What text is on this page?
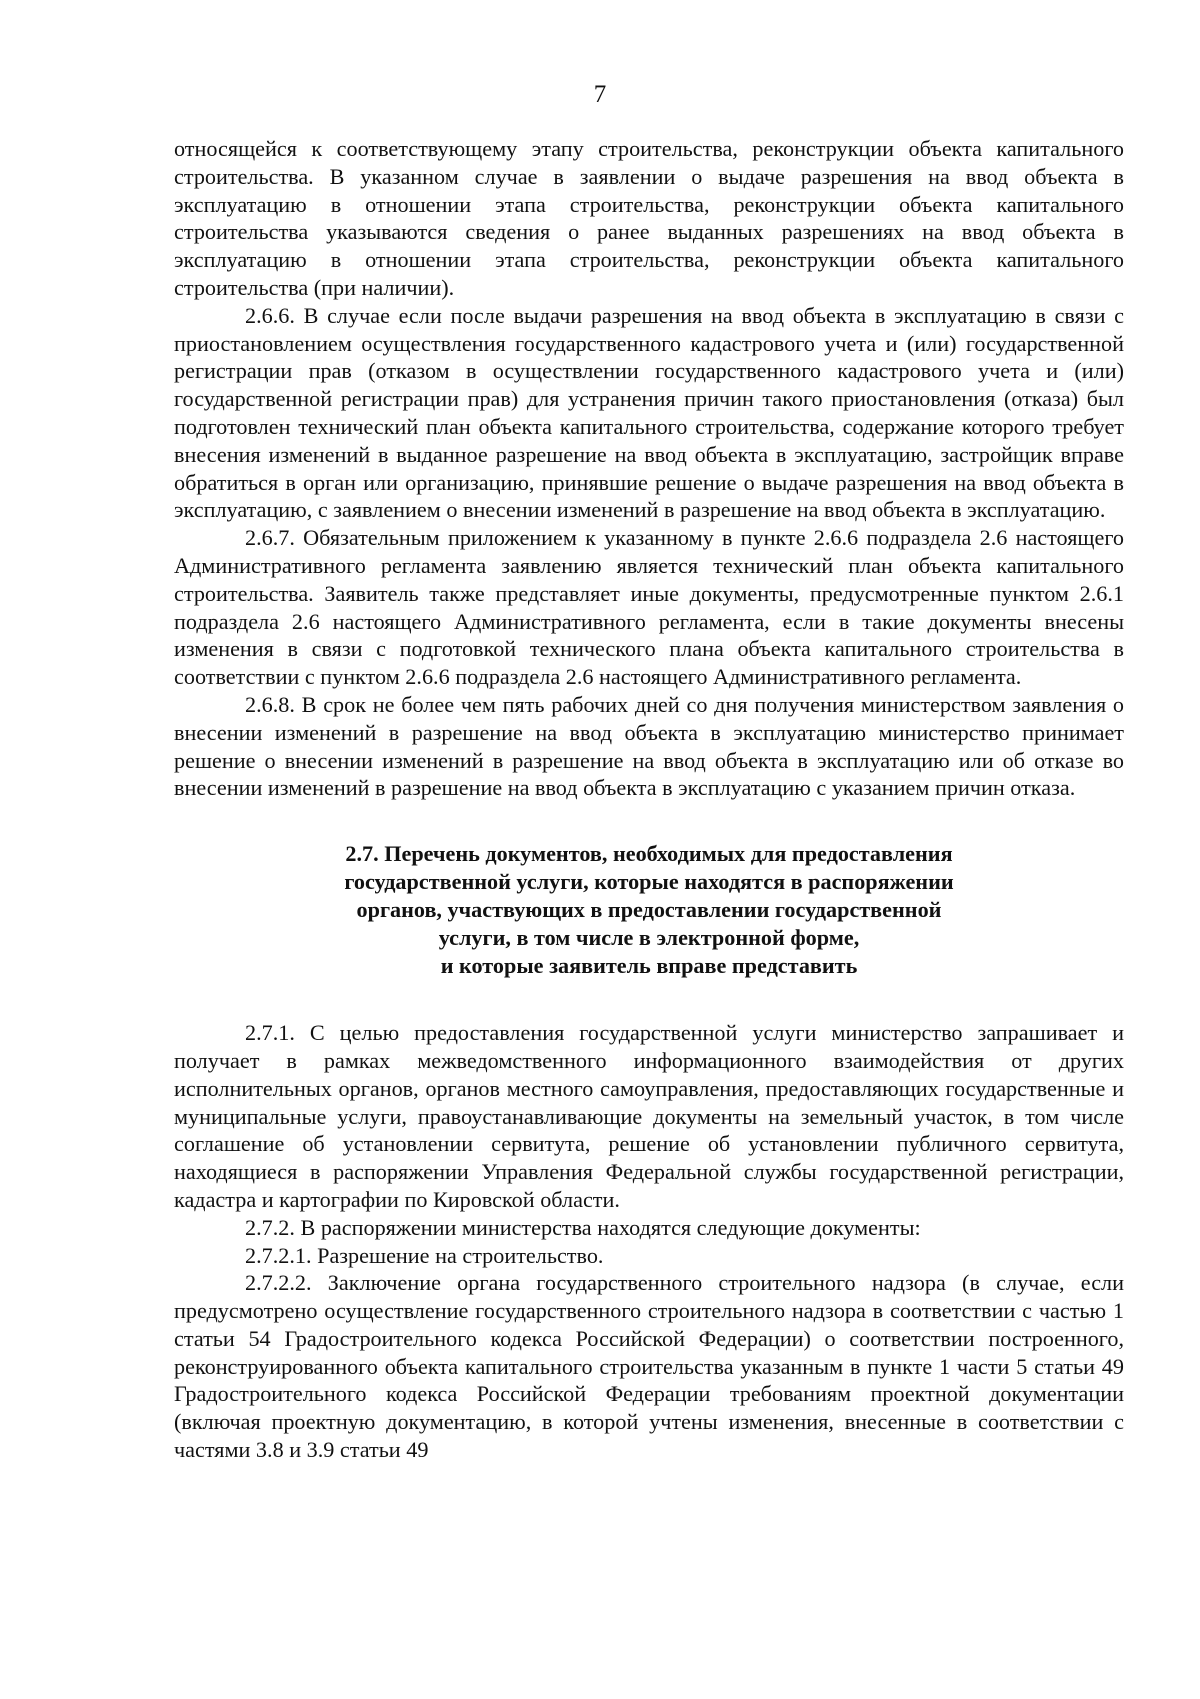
7

относящейся к соответствующему этапу строительства, реконструкции объекта капитального строительства. В указанном случае в заявлении о выдаче разрешения на ввод объекта в эксплуатацию в отношении этапа строительства, реконструкции объекта капитального строительства указываются сведения о ранее выданных разрешениях на ввод объекта в эксплуатацию в отношении этапа строительства, реконструкции объекта капитального строительства (при наличии).

2.6.6. В случае если после выдачи разрешения на ввод объекта в эксплуатацию в связи с приостановлением осуществления государственного кадастрового учета и (или) государственной регистрации прав (отказом в осуществлении государственного кадастрового учета и (или) государственной регистрации прав) для устранения причин такого приостановления (отказа) был подготовлен технический план объекта капитального строительства, содержание которого требует внесения изменений в выданное разрешение на ввод объекта в эксплуатацию, застройщик вправе обратиться в орган или организацию, принявшие решение о выдаче разрешения на ввод объекта в эксплуатацию, с заявлением о внесении изменений в разрешение на ввод объекта в эксплуатацию.

2.6.7. Обязательным приложением к указанному в пункте 2.6.6 подраздела 2.6 настоящего Административного регламента заявлению является технический план объекта капитального строительства. Заявитель также представляет иные документы, предусмотренные пунктом 2.6.1 подраздела 2.6 настоящего Административного регламента, если в такие документы внесены изменения в связи с подготовкой технического плана объекта капитального строительства в соответствии с пунктом 2.6.6 подраздела 2.6 настоящего Административного регламента.

2.6.8. В срок не более чем пять рабочих дней со дня получения министерством заявления о внесении изменений в разрешение на ввод объекта в эксплуатацию министерство принимает решение о внесении изменений в разрешение на ввод объекта в эксплуатацию или об отказе во внесении изменений в разрешение на ввод объекта в эксплуатацию с указанием причин отказа.

2.7. Перечень документов, необходимых для предоставления
государственной услуги, которые находятся в распоряжении
органов, участвующих в предоставлении государственной
услуги, в том числе в электронной форме,
и которые заявитель вправе представить

2.7.1. С целью предоставления государственной услуги министерство запрашивает и получает в рамках межведомственного информационного взаимодействия от других исполнительных органов, органов местного самоуправления, предоставляющих государственные и муниципальные услуги, правоустанавливающие документы на земельный участок, в том числе соглашение об установлении сервитута, решение об установлении публичного сервитута, находящиеся в распоряжении Управления Федеральной службы государственной регистрации, кадастра и картографии по Кировской области.

2.7.2. В распоряжении министерства находятся следующие документы:

2.7.2.1. Разрешение на строительство.

2.7.2.2. Заключение органа государственного строительного надзора (в случае, если предусмотрено осуществление государственного строительного надзора в соответствии с частью 1 статьи 54 Градостроительного кодекса Российской Федерации) о соответствии построенного, реконструированного объекта капитального строительства указанным в пункте 1 части 5 статьи 49 Градостроительного кодекса Российской Федерации требованиям проектной документации (включая проектную документацию, в которой учтены изменения, внесенные в соответствии с частями 3.8 и 3.9 статьи 49
